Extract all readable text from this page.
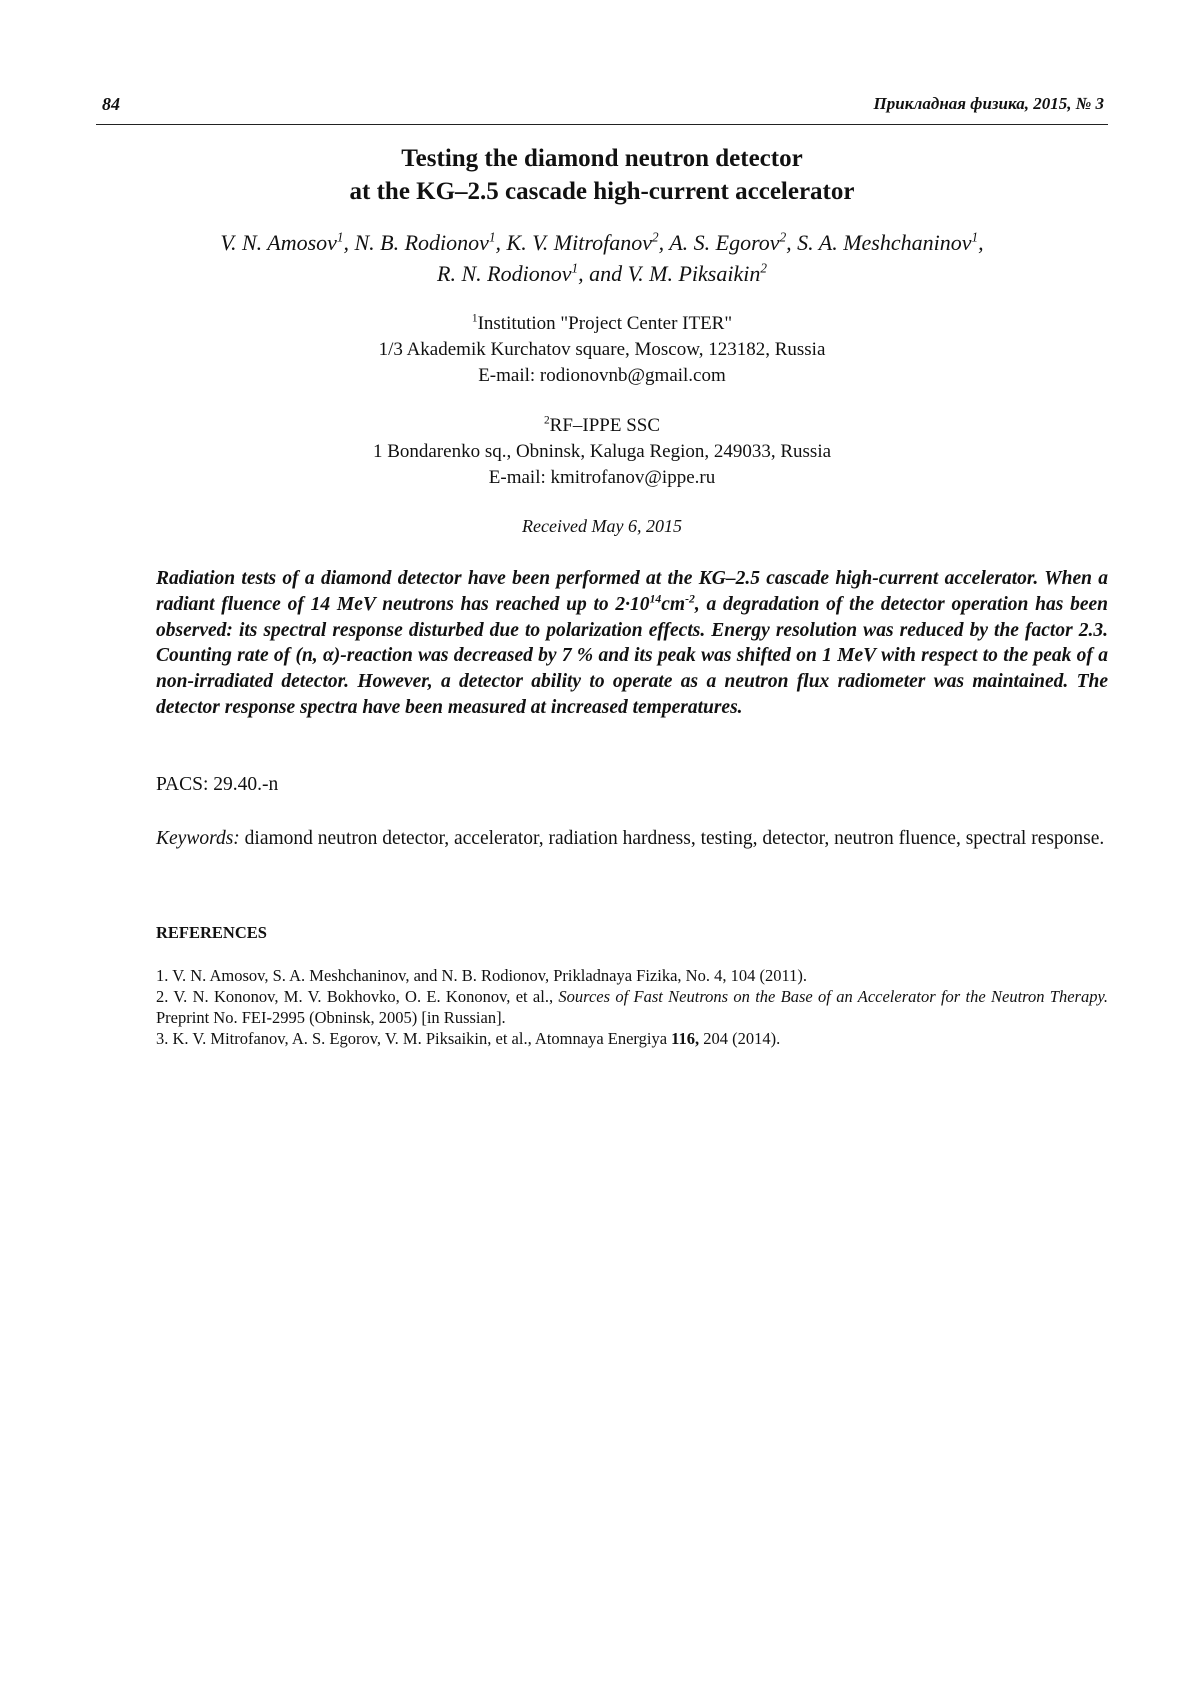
84	Прикладная физика, 2015, № 3
Testing the diamond neutron detector
at the KG–2.5 cascade high-current accelerator
V. N. Amosov$^1$, N. B. Rodionov$^1$, K. V. Mitrofanov$^2$, A. S. Egorov$^2$, S. A. Meshchaninov$^1$,
R. N. Rodionov$^1$, and V. M. Piksaikin$^2$
$^1$Institution "Project Center ITER"
1/3 Akademik Kurchatov square, Moscow, 123182, Russia
E-mail: rodionovnb@gmail.com
$^2$RF–IPPE SSC
1 Bondarenko sq., Obninsk, Kaluga Region, 249033, Russia
E-mail: kmitrofanov@ippe.ru
Received May 6, 2015

Radiation tests of a diamond detector have been performed at the KG–2.5 cascade high-current accelerator. When a radiant fluence of 14 MeV neutrons has reached up to $2\cdot 10^{14}cm^{-2}$, a degradation of the detector operation has been observed: its spectral response disturbed due to polarization effects. Energy resolution was reduced by the factor 2.3. Counting rate of (n, α)-reaction was decreased by 7 % and its peak was shifted on 1 MeV with respect to the peak of a non-irradiated detector. However, a detector ability to operate as a neutron flux radiometer was maintained. The detector response spectra have been measured at increased temperatures.

PACS: 29.40.-n
Keywords: diamond neutron detector, accelerator, radiation hardness, testing, detector, neutron fluence, spectral response.
REFERENCES

1. V. N. Amosov, S. A. Meshchaninov, and N. B. Rodionov, Prikladnaya Fizika, No. 4, 104 (2011).

2. V. N. Kononov, M. V. Bokhovko, O. E. Kononov, et al., Sources of Fast Neutrons on the Base of an Accelerator for the Neutron Therapy. Preprint No. FEI-2995 (Obninsk, 2005) [in Russian].

3. K. V. Mitrofanov, A. S. Egorov, V. M. Piksaikin, et al., Atomnaya Energiya 116, 204 (2014).
